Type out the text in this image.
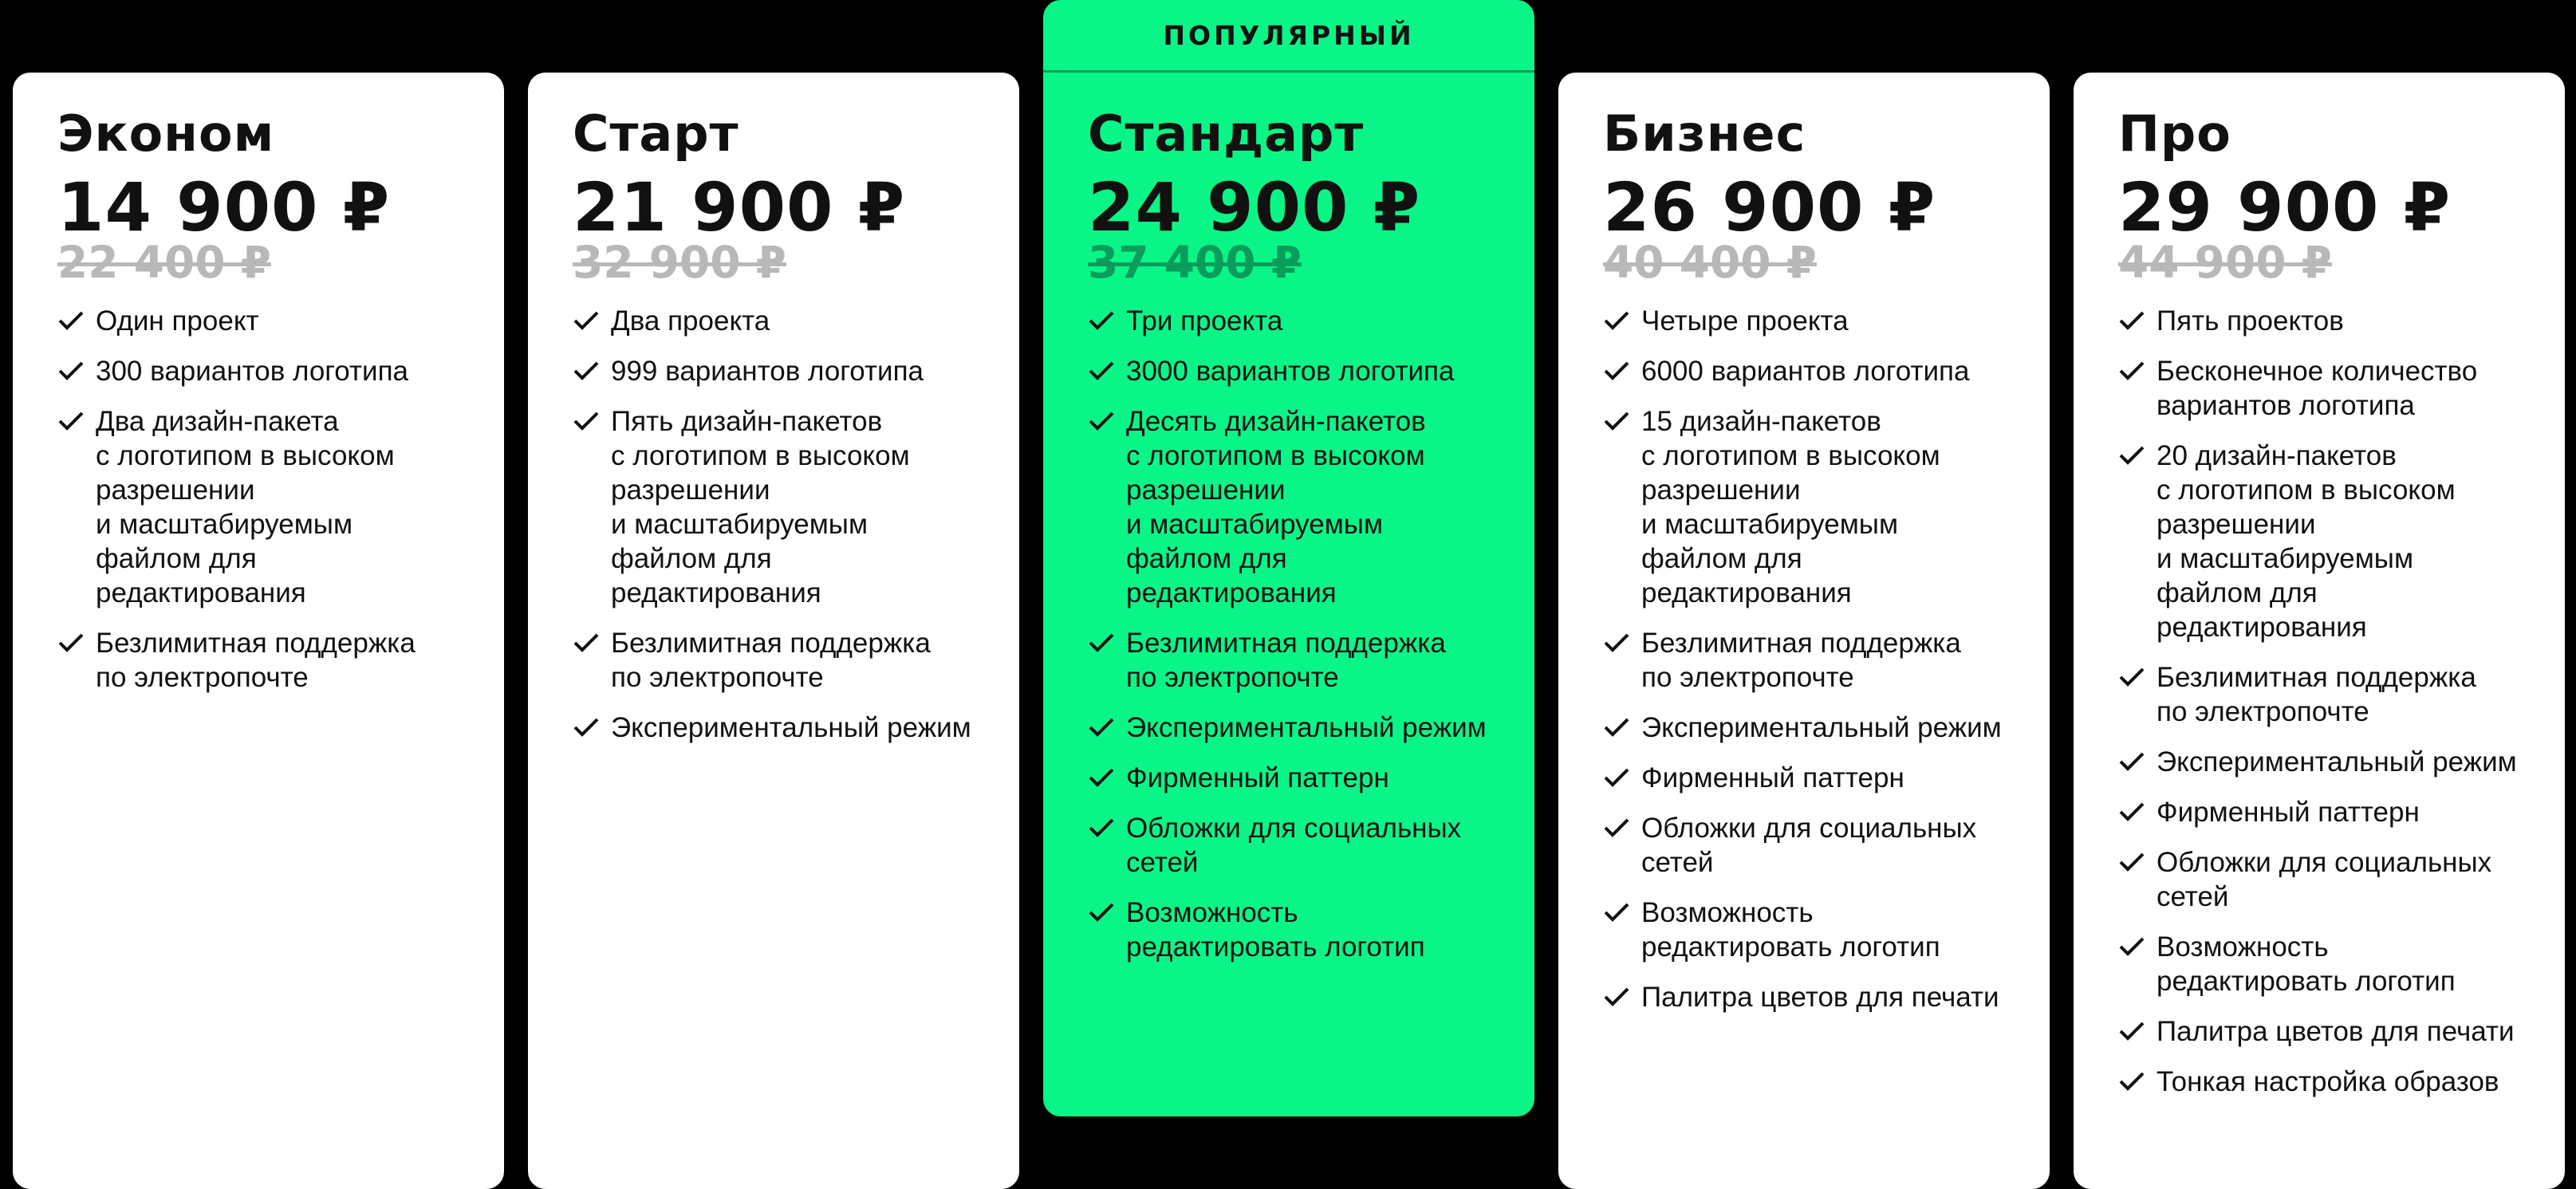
Эконом
14 900 ₽
22 400 ₽
Один проект
300 вариантов логотипа
Два дизайн-пакета
с логотипом в высоком
разрешении
и масштабируемым
файлом для
редактирования
Безлимитная поддержка
по электропочте
Старт
21 900 ₽
32 900 ₽
Два проекта
999 вариантов логотипа
Пять дизайн-пакетов
с логотипом в высоком
разрешении
и масштабируемым
файлом для
редактирования
Безлимитная поддержка
по электропочте
Экспериментальный режим
ПОПУЛЯРНЫЙ
Стандарт
24 900 ₽
37 400 ₽
Три проекта
3000 вариантов логотипа
Десять дизайн-пакетов
с логотипом в высоком
разрешении
и масштабируемым
файлом для
редактирования
Безлимитная поддержка
по электропочте
Экспериментальный режим
Фирменный паттерн
Обложки для социальных
сетей
Возможность
редактировать логотип
Бизнес
26 900 ₽
40 400 ₽
Четыре проекта
6000 вариантов логотипа
15 дизайн-пакетов
с логотипом в высоком
разрешении
и масштабируемым
файлом для
редактирования
Безлимитная поддержка
по электропочте
Экспериментальный режим
Фирменный паттерн
Обложки для социальных
сетей
Возможность
редактировать логотип
Палитра цветов для печати
Про
29 900 ₽
44 900 ₽
Пять проектов
Бесконечное количество
вариантов логотипа
20 дизайн-пакетов
с логотипом в высоком
разрешении
и масштабируемым
файлом для
редактирования
Безлимитная поддержка
по электропочте
Экспериментальный режим
Фирменный паттерн
Обложки для социальных
сетей
Возможность
редактировать логотип
Палитра цветов для печати
Тонкая настройка образов
